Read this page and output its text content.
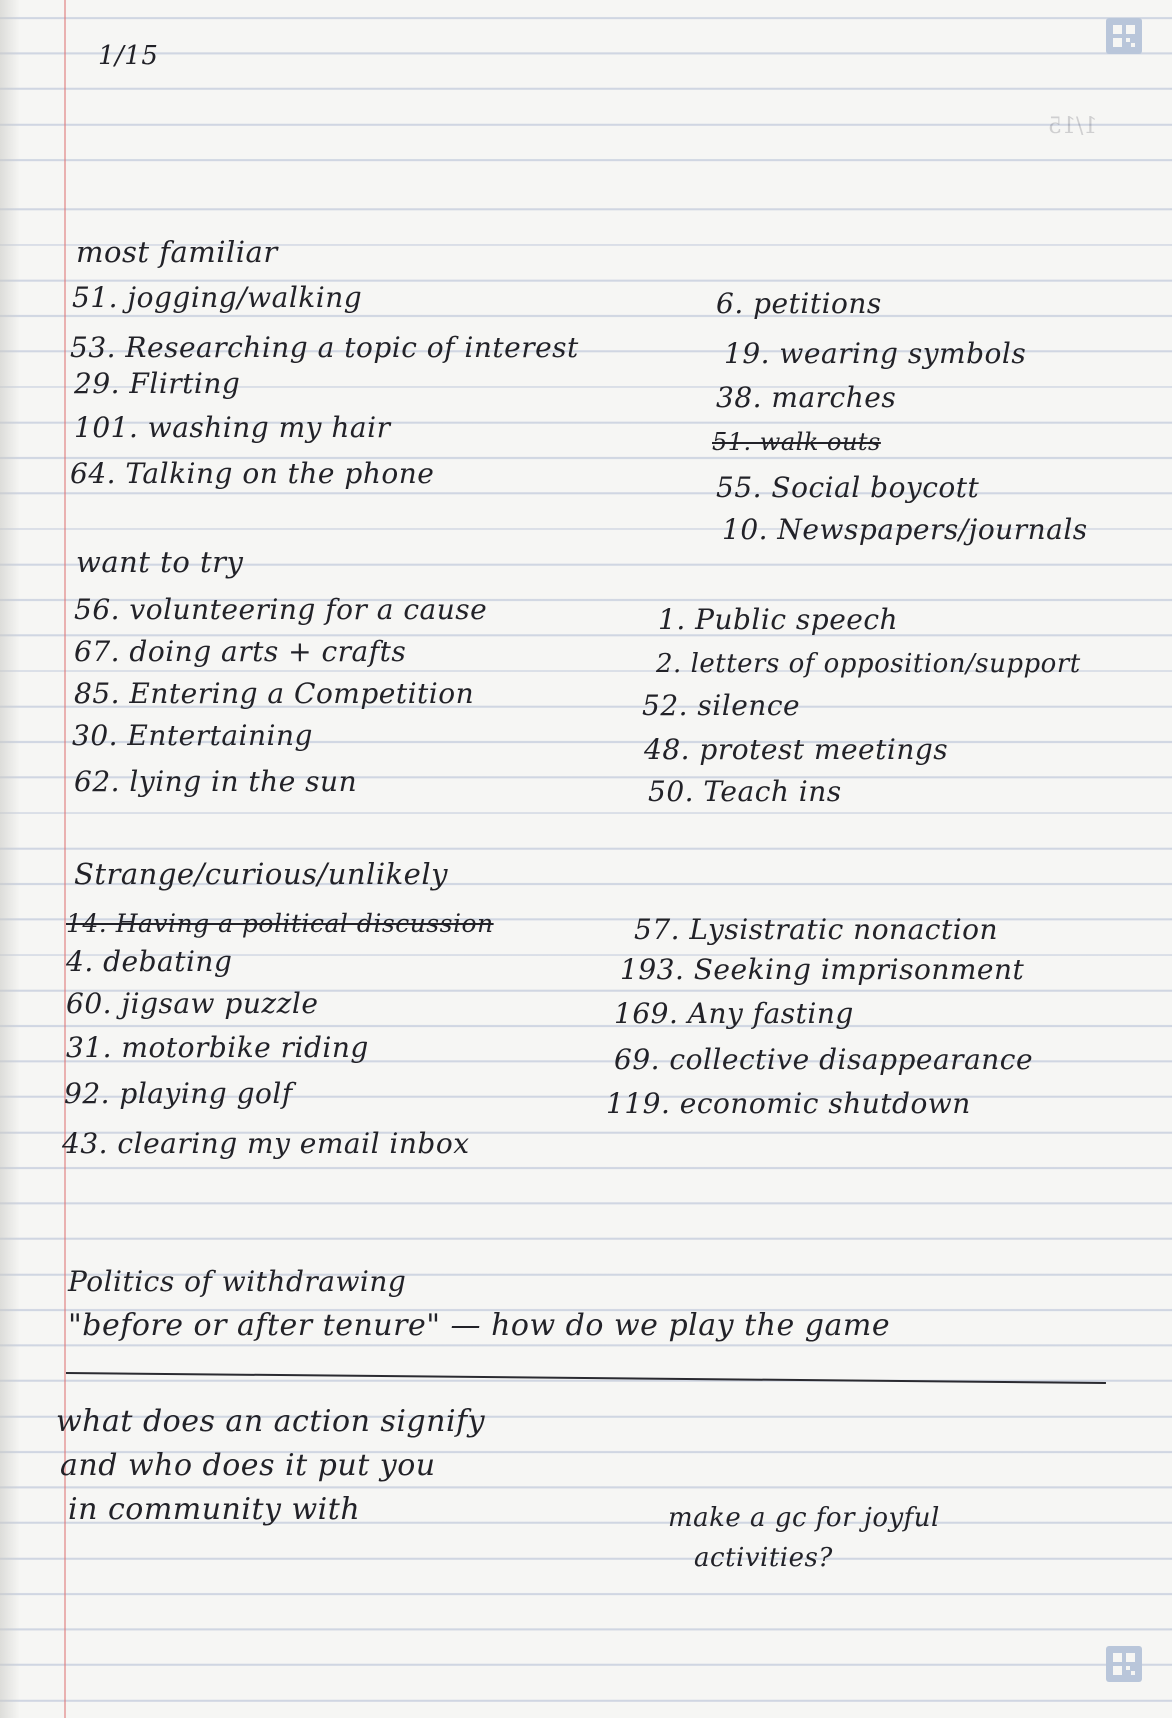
1/15
1/15
most familiar
51. jogging/walking
53. Researching a topic of interest
29. Flirting
101. washing my hair
64. Talking on the phone
6. petitions
19. wearing symbols
38. marches
51. walk outs
55. Social boycott
10. Newspapers/journals
want to try
56. volunteering for a cause
67. doing arts + crafts
85. Entering a Competition
30. Entertaining
62. lying in the sun
1. Public speech
2. letters of opposition/support
52. silence
48. protest meetings
50. Teach ins
Strange/curious/unlikely
14. Having a political discussion
4. debating
60. jigsaw puzzle
31. motorbike riding
92. playing golf
43. clearing my email inbox
57. Lysistratic nonaction
193. Seeking imprisonment
169. Any fasting
69. collective disappearance
119. economic shutdown
Politics of withdrawing
"before or after tenure" — how do we play the game
what does an action signify
and who does it put you
in community with	make a gc for joyful
activities?
